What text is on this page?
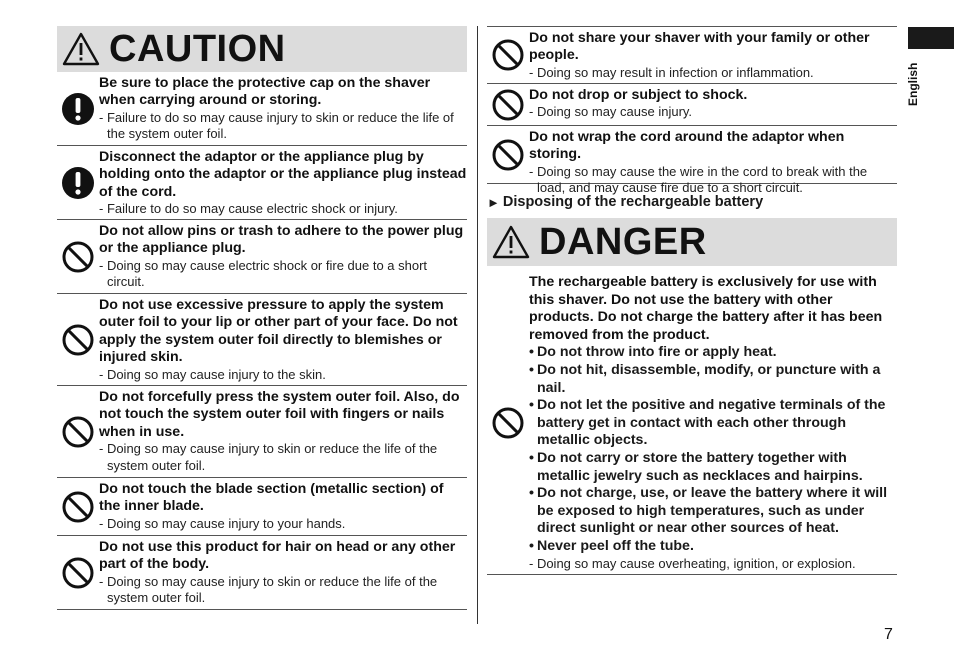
CAUTION
Be sure to place the protective cap on the shaver when carrying around or storing.
- Failure to do so may cause injury to skin or reduce the life of the system outer foil.
Disconnect the adaptor or the appliance plug by holding onto the adaptor or the appliance plug instead of the cord.
- Failure to do so may cause electric shock or injury.
Do not allow pins or trash to adhere to the power plug or the appliance plug.
- Doing so may cause electric shock or fire due to a short circuit.
Do not use excessive pressure to apply the system outer foil to your lip or other part of your face. Do not apply the system outer foil directly to blemishes or injured skin.
- Doing so may cause injury to the skin.
Do not forcefully press the system outer foil. Also, do not touch the system outer foil with fingers or nails when in use.
- Doing so may cause injury to skin or reduce the life of the system outer foil.
Do not touch the blade section (metallic section) of the inner blade.
- Doing so may cause injury to your hands.
Do not use this product for hair on head or any other part of the body.
- Doing so may cause injury to skin or reduce the life of the system outer foil.
Do not share your shaver with your family or other people.
- Doing so may result in infection or inflammation.
Do not drop or subject to shock.
- Doing so may cause injury.
Do not wrap the cord around the adaptor when storing.
- Doing so may cause the wire in the cord to break with the load, and may cause fire due to a short circuit.
► Disposing of the rechargeable battery
DANGER
The rechargeable battery is exclusively for use with this shaver. Do not use the battery with other products. Do not charge the battery after it has been removed from the product.
• Do not throw into fire or apply heat.
• Do not hit, disassemble, modify, or puncture with a nail.
• Do not let the positive and negative terminals of the battery get in contact with each other through metallic objects.
• Do not carry or store the battery together with metallic jewelry such as necklaces and hairpins.
• Do not charge, use, or leave the battery where it will be exposed to high temperatures, such as under direct sunlight or near other sources of heat.
• Never peel off the tube.
- Doing so may cause overheating, ignition, or explosion.
English
7
